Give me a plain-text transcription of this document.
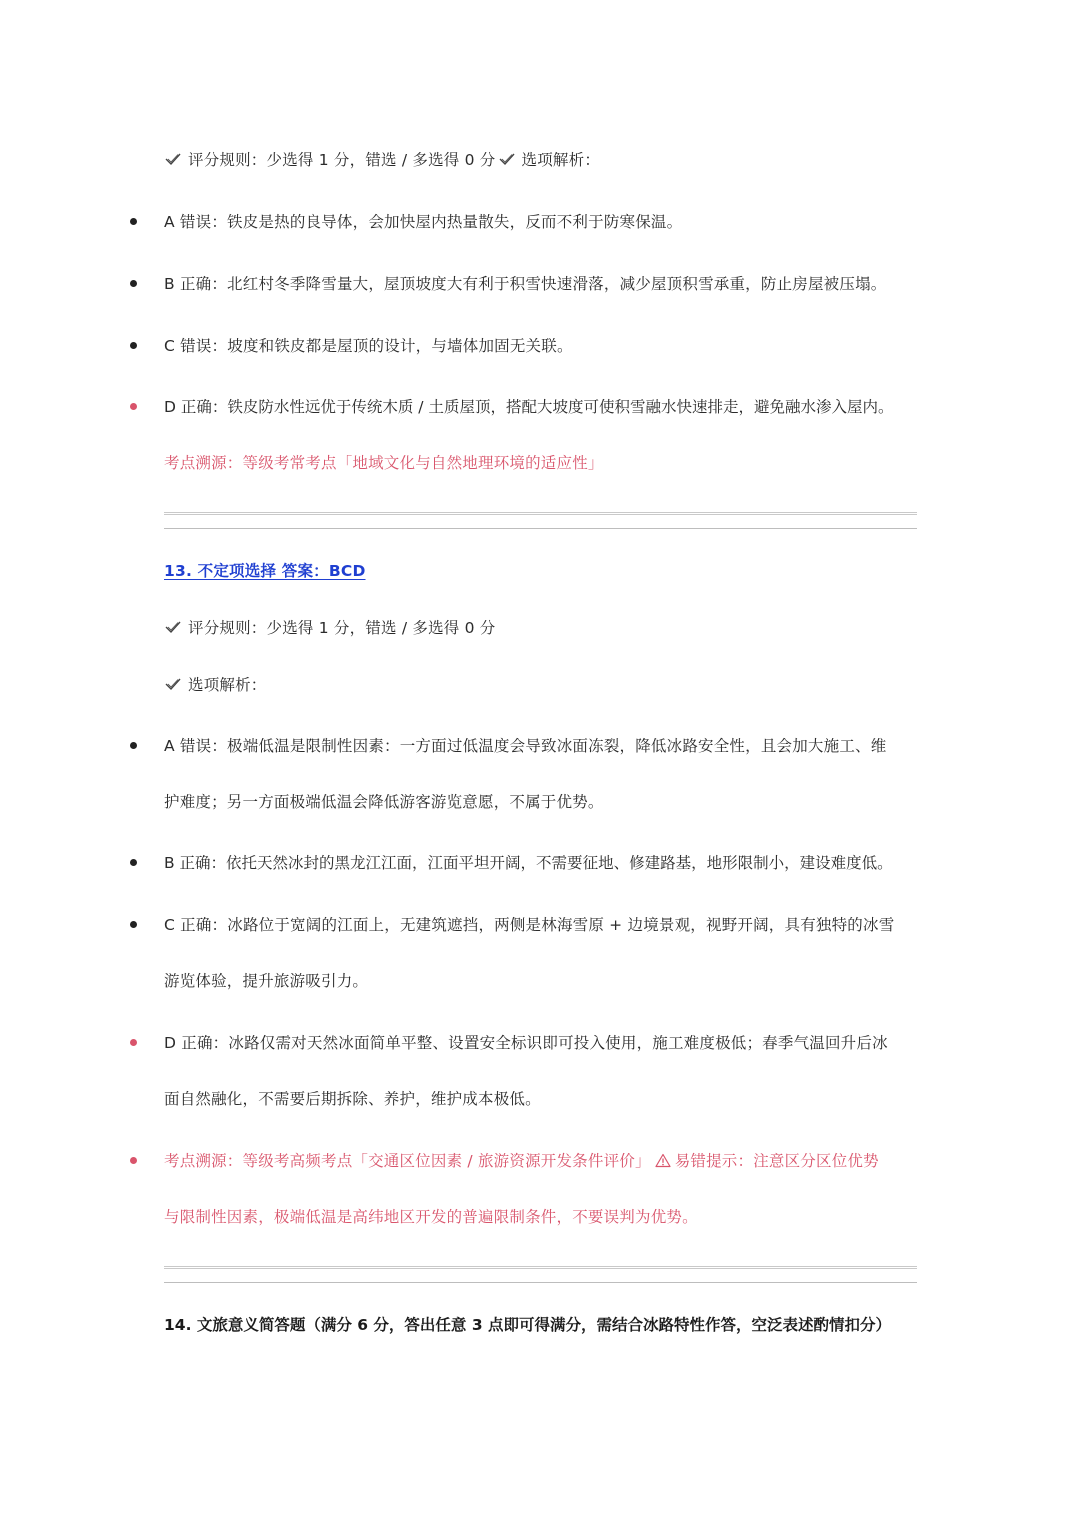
评分规则：少选得 1 分，错选 / 多选得 0 分 选项解析：
A 错误：铁皮是热的良导体，会加快屋内热量散失，反而不利于防寒保温。
B 正确：北红村冬季降雪量大，屋顶坡度大有利于积雪快速滑落，减少屋顶积雪承重，防止房屋被压塌。
C 错误：坡度和铁皮都是屋顶的设计，与墙体加固无关联。
D 正确：铁皮防水性远优于传统木质 / 土质屋顶，搭配大坡度可使积雪融水快速排走，避免融水渗入屋内。
考点溯源：等级考常考点「地域文化与自然地理环境的适应性」
13. 不定项选择 答案：BCD
评分规则：少选得 1 分，错选 / 多选得 0 分
选项解析：
A 错误：极端低温是限制性因素：一方面过低温度会导致冰面冻裂，降低冰路安全性，且会加大施工、维
护难度；另一方面极端低温会降低游客游览意愿，不属于优势。
B 正确：依托天然冰封的黑龙江江面，江面平坦开阔，不需要征地、修建路基，地形限制小，建设难度低。
C 正确：冰路位于宽阔的江面上，无建筑遮挡，两侧是林海雪原 + 边境景观，视野开阔，具有独特的冰雪
游览体验，提升旅游吸引力。
D 正确：冰路仅需对天然冰面简单平整、设置安全标识即可投入使用，施工难度极低；春季气温回升后冰
面自然融化，不需要后期拆除、养护，维护成本极低。
考点溯源：等级考高频考点「交通区位因素 / 旅游资源开发条件评价」 易错提示：注意区分区位优势
与限制性因素，极端低温是高纬地区开发的普遍限制条件，不要误判为优势。
14. 文旅意义简答题（满分 6 分，答出任意 3 点即可得满分，需结合冰路特性作答，空泛表述酌情扣分）
